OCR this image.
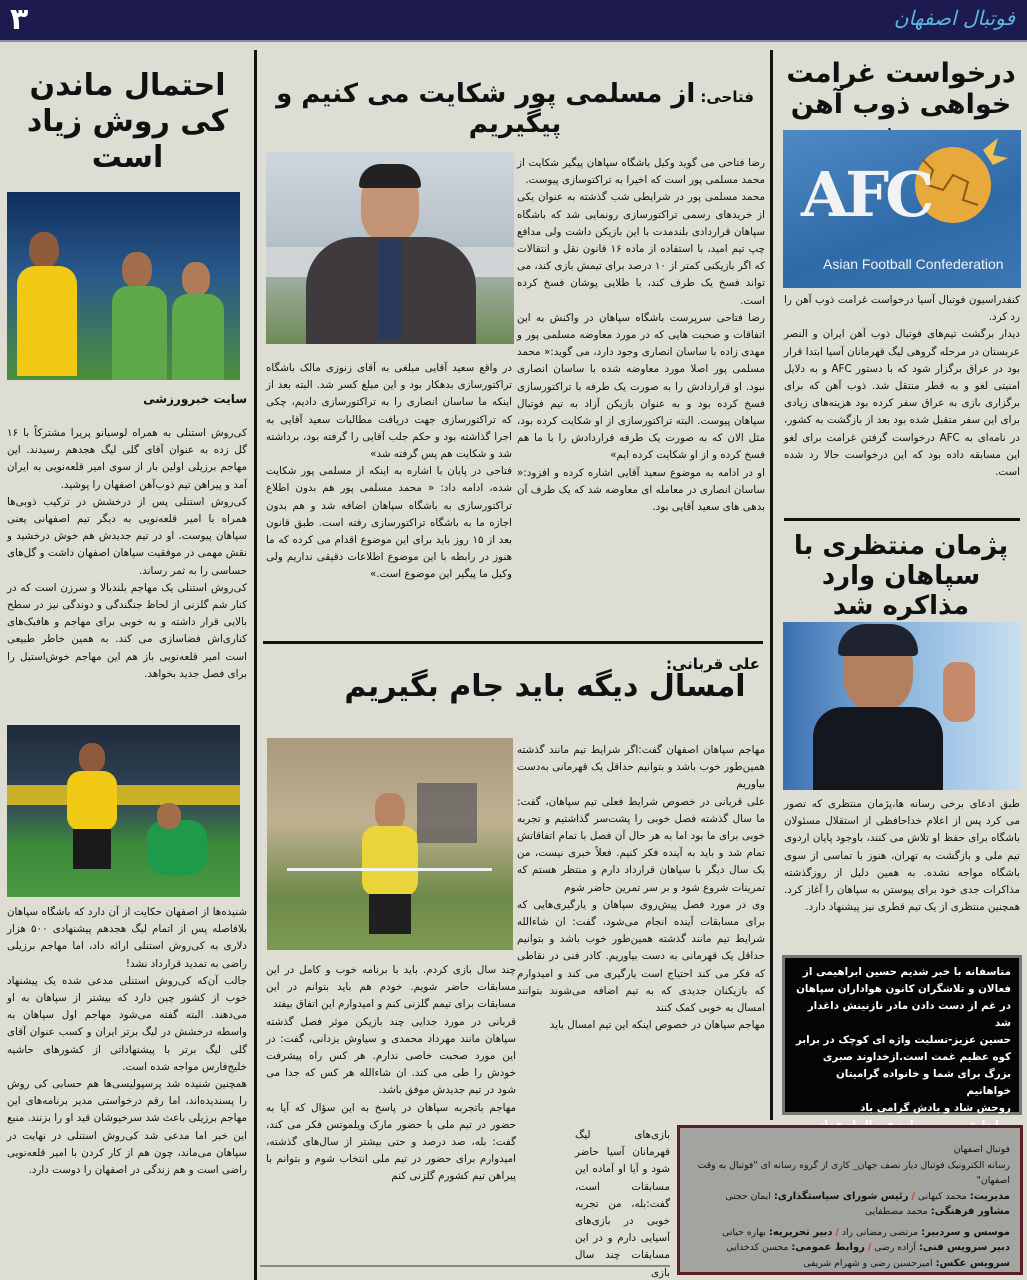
۳	فوتبال اصفهان
درخواست غرامت خواهی ذوب آهن
AFC
Asian Football Confederation
کنفدراسیون فوتبال آسیا درخواست غرامت ذوب آهن را رد کرد.
دیدار برگشت تیم‌های فوتبال ذوب آهن ایران و النصر عربستان در مرحله گروهی لیگ قهرمانان آسیا ابتدا قرار بود در عراق برگزار شود که با دستور AFC و به دلایل امنیتی لغو و به قطر منتقل شد. ذوب آهن که برای برگزاری بازی به عراق سفر کرده بود هزینه‌های زیادی برای این سفر متقبل شده بود بعد از بازگشت به کشور، در نامه‌ای به AFC درخواست گرفتن غرامت برای لغو این مسابقه داده بود که این درخواست حالا رد شده است.
پژمان منتظری با سپاهان وارد مذاکره شد
طبق ادعای برخی رسانه ها،پژمان منتظری که تصور می کرد پس از اعلام خداحافظی از استقلال مسئولان باشگاه برای حفظ او تلاش می کنند، باوجود پایان اردوی تیم ملی و بازگشت به تهران، هنوز با تماسی از سوی باشگاه مواجه نشده. به همین دلیل از روزگذشته مذاکرات جدی خود برای پیوستن به سپاهان را آغاز کرد. همچنین منتظری از یک تیم قطری نیز پیشنهاد دارد.
متاسفانه با خبر شدیم حسین ابراهیمی از فعالان و تلاشگران کانون هواداران سپاهان در غم از دست دادن مادر نازنینش داغدار شد
حسین عزیز-تسلیت واژه ای کوچک در برابر کوه عظیم غمت است.ازخداوند صبری بزرگ برای شما و خانواده گرامیتان خواهانیم
روحش شاد و یادش گرامی باد

فتاحی: از مسلمی پور شکایت می کنیم و پیگیریم
رضا فتاحی می گوید وکیل باشگاه سپاهان پیگیر شکایت از محمد مسلمی پور است که اخیرا به تراکتوسازی پیوست.
محمد مسلمی پور در شرایطی شب گذشته به عنوان یکی از خریدهای رسمی تراکتورسازی رونمایی شد که باشگاه سپاهان قراردادی بلندمدت با این بازیکن داشت ولی مدافع چپ تیم امید، با استفاده از ماده ۱۶ قانون نقل و انتقالات که اگر بازیکنی کمتر از ۱۰ درصد برای تیمش بازی کند، می تواند فسخ یک طرف کند، با طلایی پوشان فسخ کرده است.
رضا فتاحی سرپرست باشگاه سپاهان در واکنش به این اتفاقات و صحبت هایی که در مورد معاوضه مسلمی پور و مهدی زاده با ساسان انصاری وجود دارد، می گوید:« محمد مسلمی پور اصلا مورد معاوضه شده با ساسان انصاری نبود. او قراردادش را به صورت یک طرفه با تراکتورسازی فسخ کرده بود و به عنوان بازیکن آزاد به تیم فوتبال سپاهان پیوست. البته تراکتورسازی از او شکایت کرده بود، مثل الان که به صورت یک طرفه قراردادش را با ما هم فسخ کرده و از او شکایت کرده ایم»
او در ادامه به موضوع سعید آقایی اشاره کرده و افزود:« ساسان انصاری در معامله ای معاوضه شد که یک طرف آن بدهی های سعید آقایی بود.
در واقع سعید آقایی مبلغی به آقای زنوزی مالک باشگاه تراکتورسازی بدهکار بود و این مبلغ کسر شد. البته بعد از اینکه ما ساسان انصاری را به تراکتورسازی دادیم، چکی که تراکتورسازی جهت دریافت مطالبات سعید آقایی به اجرا گذاشته بود و حکم جلب آقایی را گرفته بود، برداشته شد و شکایت هم پس گرفته شد»
فتاحی در پایان با اشاره به اینکه از مسلمی پور شکایت شده، ادامه داد: « محمد مسلمی پور هم بدون اطلاع تراکتورسازی به باشگاه سپاهان اضافه شد و هم بدون اجازه ما به باشگاه تراکتورسازی رفته است. طبق قانون بعد از ۱۵ روز باید برای این موضوع اقدام می کرده که ما هنوز در رابطه با این موضوع اطلاعات دقیقی نداریم ولی وکیل ما پیگیر این موضوع است.»
علی قربانی:
امسال دیگه باید جام بگیریم
مهاجم سپاهان اصفهان گفت:اگر شرایط تیم مانند گذشته همین‌طور خوب باشد و بتوانیم حداقل یک قهرمانی به‌دست بیاوریم
علی قربانی در خصوص شرایط فعلی تیم سپاهان، گفت: ما سال گذشته فصل خوبی را پشت‌سر گذاشتیم و تجربه خوبی برای ما بود اما به هر حال آن فصل با تمام اتفاقاتش تمام شد و باید به آینده فکر کنیم. فعلاً خبری نیست، من یک سال دیگر با سپاهان قرارداد دارم و منتظر هستم که تمرینات شروع شود و بر سر تمرین حاضر شوم
وی در مورد فصل پیش‌روی سپاهان و یارگیری‌هایی که برای مسابقات آینده انجام می‌شود، گفت: ان شاءالله شرایط تیم مانند گذشته همین‌طور خوب باشد و بتوانیم حداقل یک قهرمانی به دست بیاوریم. کادر فنی در نقاطی که فکر می کند احتیاج است یارگیری می کند و امیدوارم که بازیکنان جدیدی که به تیم اضافه می‌شوند بتوانند امسال به خوبی کمک کنند
مهاجم سپاهان در خصوص اینکه این تیم امسال باید
بازی‌های لیگ قهرمانان آسیا حاضر شود و آیا او آماده این مسابقات است، گفت:بله، من تجربه خوبی در بازی‌های آسیایی دارم و در این مسابقات چند سال بازی
چند سال بازی کردم. باید با برنامه خوب و کامل در این مسابقات حاضر شویم. خودم هم باید بتوانم در این مسابقات برای تیمم گلزنی کنم و امیدوارم این اتفاق بیفتد
قربانی در مورد جدایی چند بازیکن موثر فصل گذشته سپاهان مانند مهرداد محمدی و سیاوش یزدانی، گفت: در این مورد صحبت خاصی ندارم. هر کس راه پیشرفت خودش را طی می کند. ان شاءالله هر کس که جدا می شود در تیم جدیدش موفق باشد.
مهاجم باتجربه سپاهان در پاسخ به این سؤال که آیا به حضور در تیم ملی با حضور مارک ویلموتس فکر می کند، گفت: بله، صد درصد و حتی بیشتر از سال‌های گذشته، امیدوارم برای حضور در تیم ملی انتخاب شوم و بتوانم با پیراهن تیم کشورم گلزنی کنم
احتمال ماندن کی روش زیاد است
سایت خبرورزشی
کی‌روش استنلی به همراه لوسیانو پریرا مشترکاً با ۱۶ گل زده به عنوان آقای گلی لیگ هجدهم رسیدند. این مهاجم برزیلی اولین بار از سوی امیر قلعه‌نویی به ایران آمد و پیراهن تیم ذوب‌آهن اصفهان را پوشید.
کی‌روش استنلی پس از درخشش در ترکیب ذوبی‌ها همراه با امیر قلعه‌نویی به دیگر تیم اصفهانی یعنی سپاهان پیوست. او در تیم جدیدش هم خوش درخشید و نقش مهمی در موفقیت سپاهان اصفهان داشت و گل‌های حساسی را به ثمر رساند.
کی‌روش استنلی یک مهاجم بلندبالا و سرزن است که در کنار شم گلزنی از لحاظ جنگندگی و دوندگی نیز در سطح بالایی قرار داشته و به خوبی برای مهاجم و هافبک‌های کناری‌اش فضاسازی می کند. به همین خاطر طبیعی است امیر قلعه‌نویی باز هم این مهاجم خوش‌استیل را برای فصل جدید بخواهد.
شنیده‌ها از اصفهان حکایت از آن دارد که باشگاه سپاهان بلافاصله پس از اتمام لیگ هجدهم پیشنهادی ۵۰۰ هزار دلاری به کی‌روش استنلی ارائه داد، اما مهاجم برزیلی راضی به تمدید قرارداد نشد!
جالب آن‌که کی‌روش استنلی مدعی شده یک پیشنهاد خوب از کشور چین دارد که بیشتر از سپاهان به او می‌دهند. البته گفته می‌شود مهاجم اول سپاهان به واسطه درخشش در لیگ برتر ایران و کسب عنوان آقای گلی لیگ برتر با پیشنهاداتی از کشورهای حاشیه خلیج‌فارس مواجه شده است.
همچنین شنیده شد پرسپولیسی‌ها هم حسابی کی روش را پسندیده‌اند، اما رقم درخواستی مدیر برنامه‌های این مهاجم برزیلی باعث شد سرخپوشان قید او را بزنند. منبع این خبر اما مدعی شد کی‌روش استنلی در نهایت در سپاهان می‌ماند، چون هم از کار کردن با امیر قلعه‌نویی راضی است و هم زندگی در اصفهان را دوست دارد.
فوتبال اصفهان
رسانه الکترونیک فوتبال دیار نصف جهان_ کاری از گروه رسانه ای "فوتبال به وقت اصفهان"
مدیریت: محمد کیهانی / رئیس شورای سیاستگذاری: ایمان حجتی
مشاور فرهنگی: محمد مصطفایی
موسس و سردبیر: مرتضی رمضانی راد / دبیر تحریریه: بهاره حیاتی
دبیر سرویس فنی: آزاده رضی / روابط عمومی: محسن کدخدایی
سرویس عکس: امیرحسین رضی و شهرام شریفی
